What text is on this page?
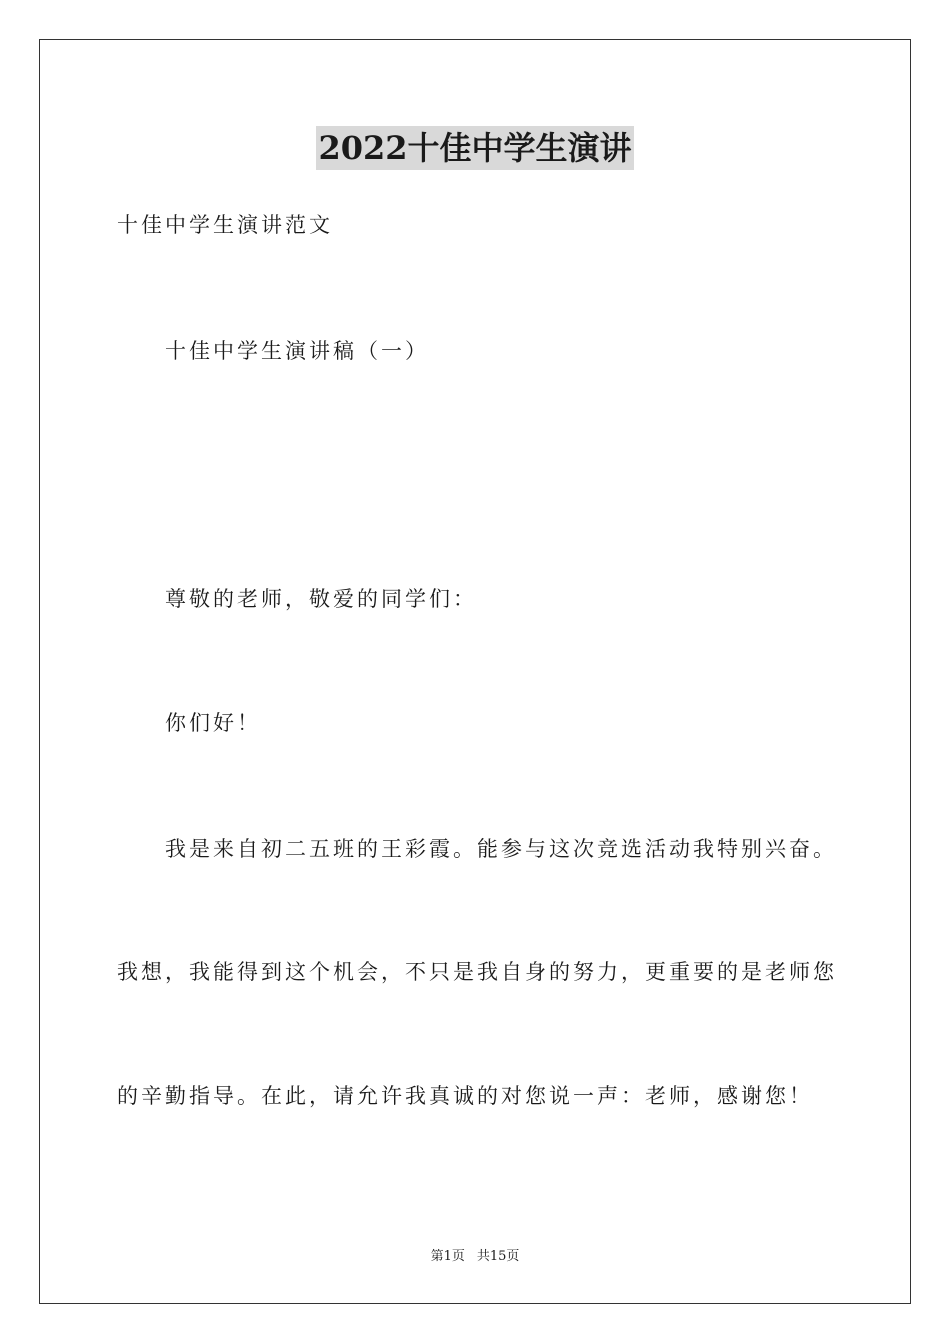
2022十佳中学生演讲
十佳中学生演讲范文
十佳中学生演讲稿（一）
尊敬的老师，敬爱的同学们：
你们好！
我是来自初二五班的王彩霞。能参与这次竞选活动我特别兴奋。
我想，我能得到这个机会，不只是我自身的努力，更重要的是老师您
的辛勤指导。在此，请允许我真诚的对您说一声：老师，感谢您！
第1页 共15页
